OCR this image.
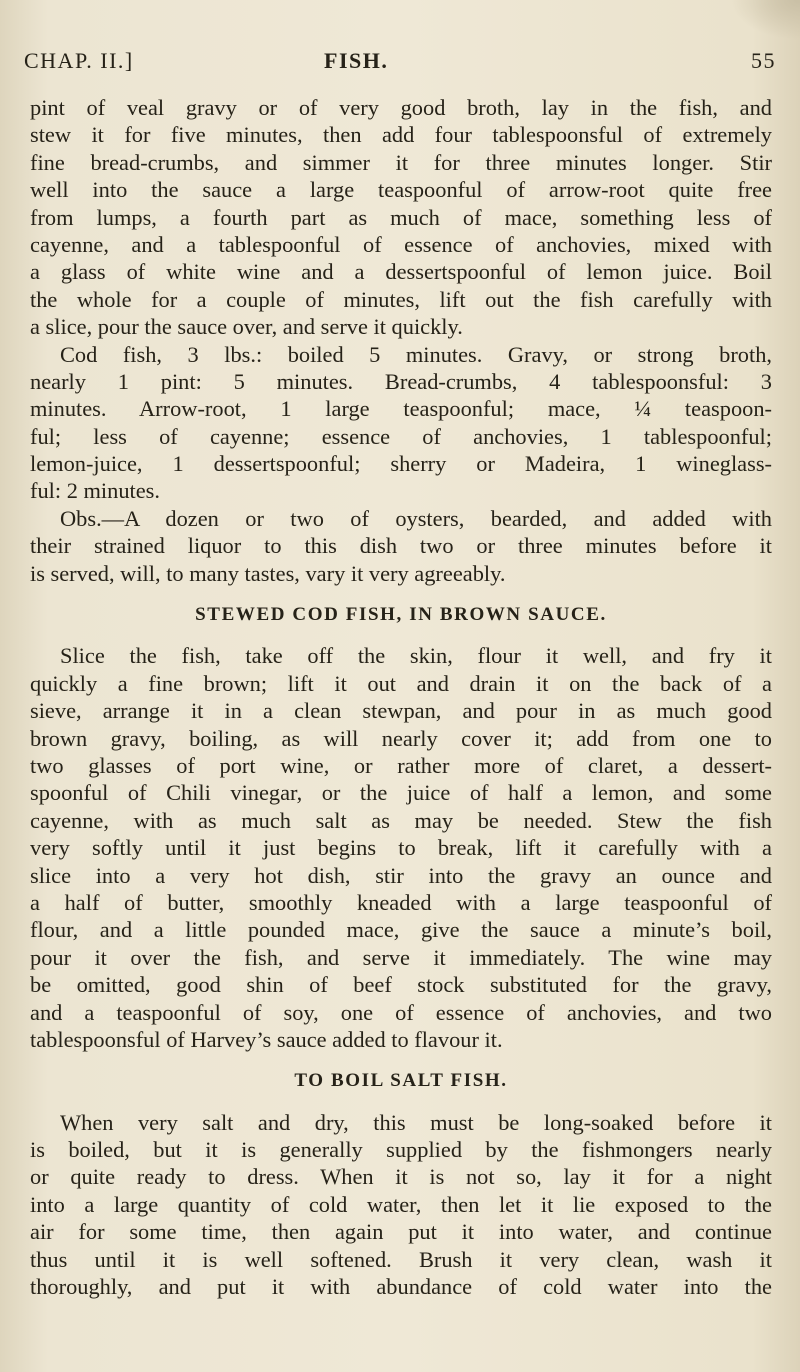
CHAP. II.]	FISH.	55
pint of veal gravy or of very good broth, lay in the fish, and
stew it for five minutes, then add four tablespoonsful of extremely
fine bread-crumbs, and simmer it for three minutes longer. Stir
well into the sauce a large teaspoonful of arrow-root quite free
from lumps, a fourth part as much of mace, something less of
cayenne, and a tablespoonful of essence of anchovies, mixed with
a glass of white wine and a dessertspoonful of lemon juice. Boil
the whole for a couple of minutes, lift out the fish carefully with
a slice, pour the sauce over, and serve it quickly.
Cod fish, 3 lbs.: boiled 5 minutes. Gravy, or strong broth,
nearly 1 pint: 5 minutes. Bread-crumbs, 4 tablespoonsful: 3
minutes. Arrow-root, 1 large teaspoonful; mace, ¼ teaspoon-
ful; less of cayenne; essence of anchovies, 1 tablespoonful;
lemon-juice, 1 dessertspoonful; sherry or Madeira, 1 wineglass-
ful: 2 minutes.
Obs.—A dozen or two of oysters, bearded, and added with
their strained liquor to this dish two or three minutes before it
is served, will, to many tastes, vary it very agreeably.
STEWED COD FISH, IN BROWN SAUCE.
Slice the fish, take off the skin, flour it well, and fry it
quickly a fine brown; lift it out and drain it on the back of a
sieve, arrange it in a clean stewpan, and pour in as much good
brown gravy, boiling, as will nearly cover it; add from one to
two glasses of port wine, or rather more of claret, a dessert-
spoonful of Chili vinegar, or the juice of half a lemon, and some
cayenne, with as much salt as may be needed. Stew the fish
very softly until it just begins to break, lift it carefully with a
slice into a very hot dish, stir into the gravy an ounce and
a half of butter, smoothly kneaded with a large teaspoonful of
flour, and a little pounded mace, give the sauce a minute’s boil,
pour it over the fish, and serve it immediately. The wine may
be omitted, good shin of beef stock substituted for the gravy,
and a teaspoonful of soy, one of essence of anchovies, and two
tablespoonsful of Harvey’s sauce added to flavour it.
TO BOIL SALT FISH.
When very salt and dry, this must be long-soaked before it
is boiled, but it is generally supplied by the fishmongers nearly
or quite ready to dress. When it is not so, lay it for a night
into a large quantity of cold water, then let it lie exposed to the
air for some time, then again put it into water, and continue
thus until it is well softened. Brush it very clean, wash it
thoroughly, and put it with abundance of cold water into the
